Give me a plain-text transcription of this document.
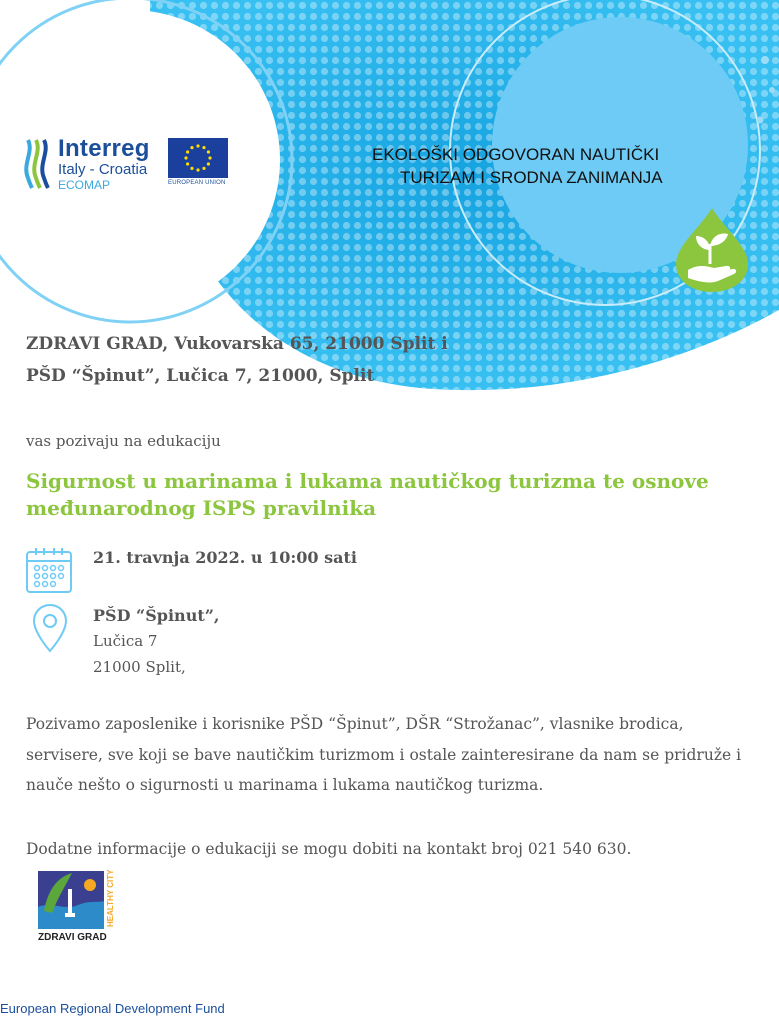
Interreg
Italy - Croatia
ECOMAP	EUROPEAN UNION
EKOLOŠKI ODGOVORAN NAUTIČKI
TURIZAM I SRODNA ZANIMANJA
ZDRAVI GRAD, Vukovarska 65, 21000 Split i
PŠD “Špinut”, Lučica 7, 21000, Split
vas pozivaju na edukaciju
Sigurnost u marinama i lukama nautičkog turizma te osnove međunarodnog ISPS pravilnika
21. travnja 2022. u 10:00 sati
PŠD “Špinut”,
Lučica 7
21000 Split,
Pozivamo zaposlenike i korisnike PŠD “Špinut”, DŠR “Strožanac”, vlasnike brodica, servisere, sve koji se bave nautičkim turizmom i ostale zainteresirane da nam se pridruže i nauče nešto o sigurnosti u marinama i lukama nautičkog turizma.
Dodatne informacije o edukaciji se mogu dobiti na kontakt broj 021 540 630.
HEALTHY CITY
ZDRAVI GRAD
European Regional Development Fund
